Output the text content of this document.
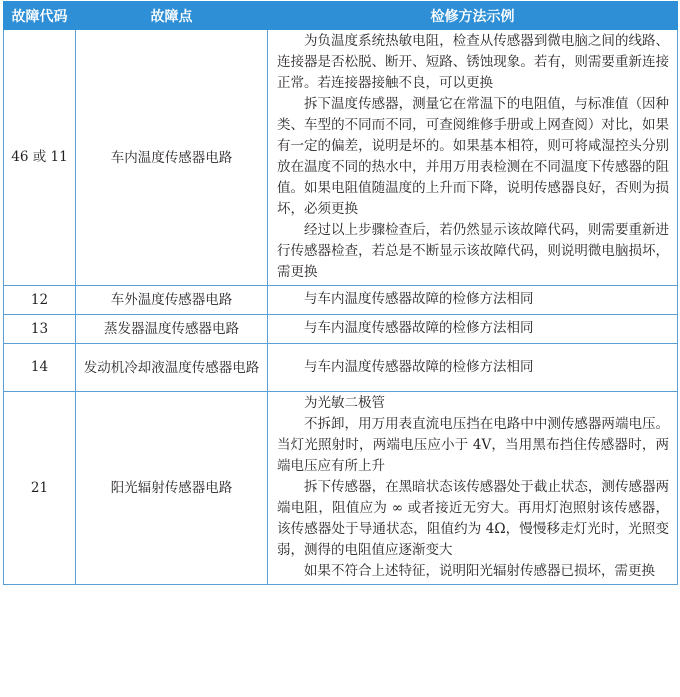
故障代码	故障点	检修方法示例
46 或 11	车内温度传感器电路	为负温度系统热敏电阻，检查从传感器到微电脑之间的线路、连接器是否松脱、断开、短路、锈蚀现象。若有，则需要重新连接正常。若连接器接触不良，可以更换

拆下温度传感器，测量它在常温下的电阻值，与标准值（因种类、车型的不同而不同，可查阅维修手册或上网查阅）对比，如果有一定的偏差，说明是坏的。如果基本相符，则可将咸湿控头分别放在温度不同的热水中，并用万用表检测在不同温度下传感器的阻值。如果电阻值随温度的上升而下降，说明传感器良好，否则为损坏，必须更换

经过以上步骤检查后，若仍然显示该故障代码，则需要重新进行传感器检查，若总是不断显示该故障代码，则说明微电脑损坏，需更换

12	车外温度传感器电路	与车内温度传感器故障的检修方法相同

13	蒸发器温度传感器电路	与车内温度传感器故障的检修方法相同

14	发动机冷却液温度传感器电路	与车内温度传感器故障的检修方法相同

21	阳光辐射传感器电路	为光敏二极管

不拆卸，用万用表直流电压挡在电路中中测传感器两端电压。当灯光照射时，两端电压应小于 4V，当用黑布挡住传感器时，两端电压应有所上升

拆下传感器，在黑暗状态该传感器处于截止状态，测传感器两端电阻，阻值应为 ∞ 或者接近无穷大。再用灯泡照射该传感器，该传感器处于导通状态，阻值约为 4Ω，慢慢移走灯光时，光照变弱，测得的电阻值应逐渐变大

如果不符合上述特征，说明阳光辐射传感器已损坏，需更换
